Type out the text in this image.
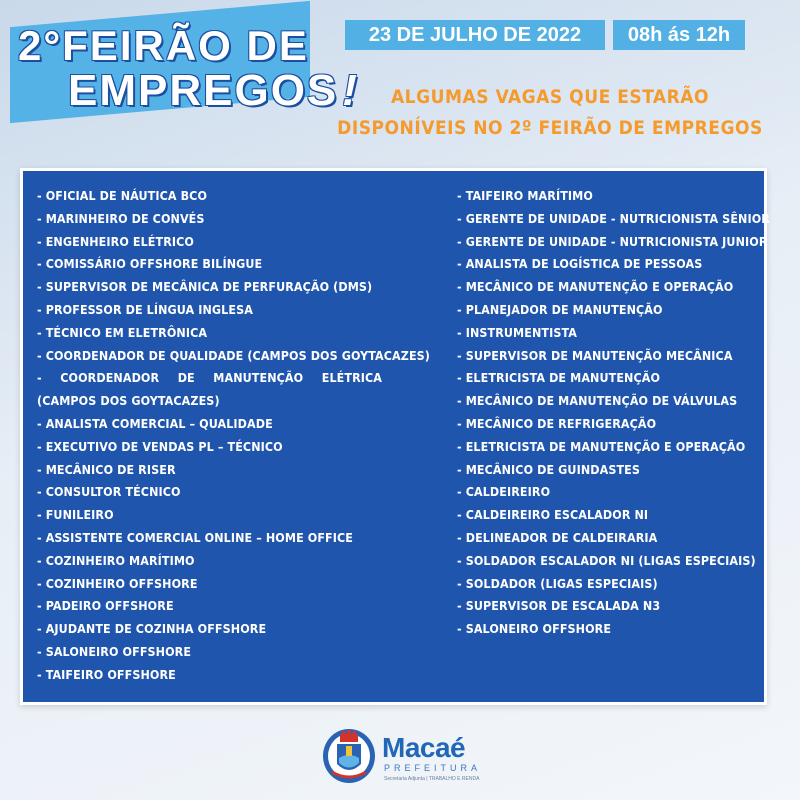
2°FEIRÃO DE
EMPREGOS!
23 DE JULHO DE 2022	08h ás 12h
ALGUMAS VAGAS QUE ESTARÃO
DISPONÍVEIS NO 2º FEIRÃO DE EMPREGOS
- OFICIAL DE NÁUTICA BCO
- MARINHEIRO DE CONVÉS
- ENGENHEIRO ELÉTRICO
- COMISSÁRIO OFFSHORE BILÍNGUE
- SUPERVISOR DE MECÂNICA DE PERFURAÇÃO (DMS)
- PROFESSOR DE LÍNGUA INGLESA
- TÉCNICO EM ELETRÔNICA
- COORDENADOR DE QUALIDADE (CAMPOS DOS GOYTACAZES)
- COORDENADOR DE MANUTENÇÃO ELÉTRICA (CAMPOS DOS GOYTACAZES)
- ANALISTA COMERCIAL – QUALIDADE
- EXECUTIVO DE VENDAS PL – TÉCNICO
- MECÂNICO DE RISER
- CONSULTOR TÉCNICO
- FUNILEIRO
- ASSISTENTE COMERCIAL ONLINE – HOME OFFICE
- COZINHEIRO MARÍTIMO
- COZINHEIRO OFFSHORE
- PADEIRO OFFSHORE
- AJUDANTE DE COZINHA OFFSHORE
- SALONEIRO OFFSHORE
- TAIFEIRO OFFSHORE
- TAIFEIRO MARÍTIMO
- GERENTE DE UNIDADE - NUTRICIONISTA SÊNIOR
- GERENTE DE UNIDADE - NUTRICIONISTA JUNIOR
- ANALISTA DE LOGÍSTICA DE PESSOAS
- MECÂNICO DE MANUTENÇÃO E OPERAÇÃO
- PLANEJADOR DE MANUTENÇÃO
- INSTRUMENTISTA
- SUPERVISOR DE MANUTENÇÃO MECÂNICA
- ELETRICISTA DE MANUTENÇÃO
- MECÂNICO DE MANUTENÇÃO DE VÁLVULAS
- MECÂNICO DE REFRIGERAÇÃO
- ELETRICISTA DE MANUTENÇÃO E OPERAÇÃO
- MECÂNICO DE GUINDASTES
- CALDEIREIRO
- CALDEIREIRO ESCALADOR NI
- DELINEADOR DE CALDEIRARIA
- SOLDADOR ESCALADOR NI (LIGAS ESPECIAIS)
- SOLDADOR (LIGAS ESPECIAIS)
- SUPERVISOR DE ESCALADA N3
- SALONEIRO OFFSHORE
Macaé
PREFEITURA
Secretaria Adjunta | TRABALHO E RENDA
